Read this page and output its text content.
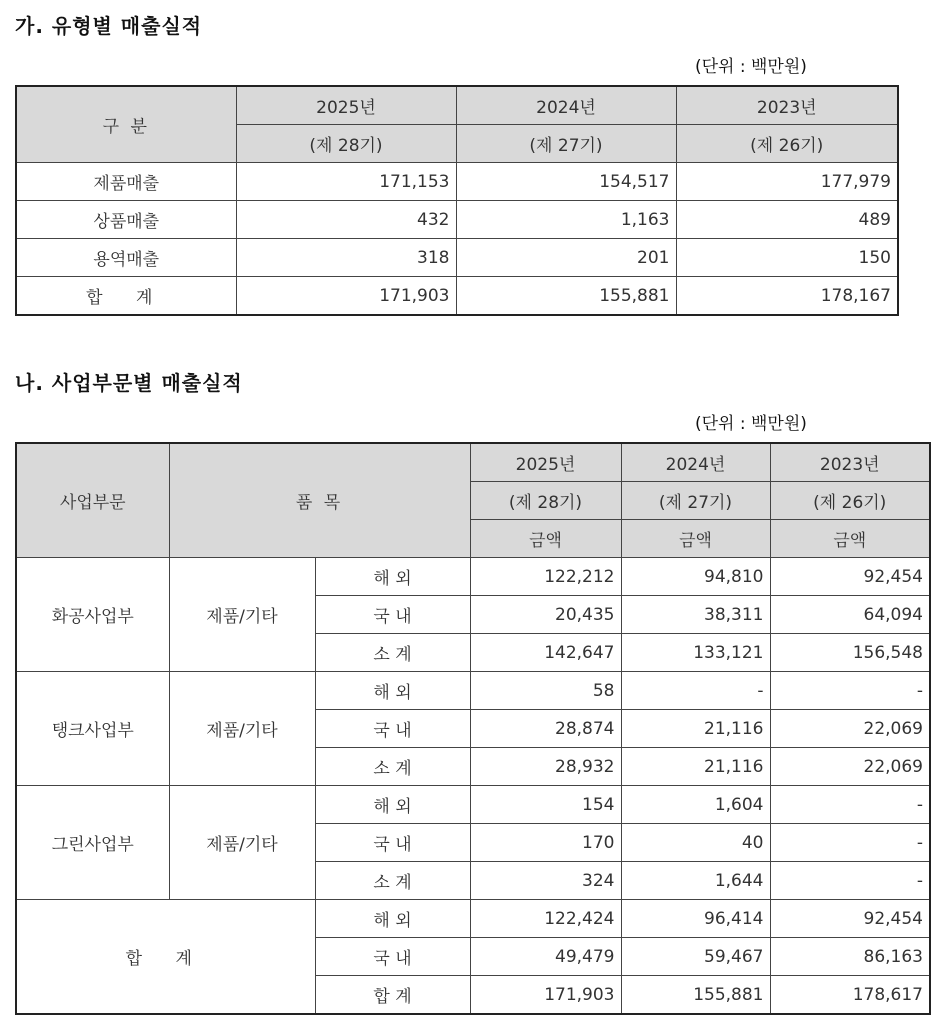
가. 유형별 매출실적
(단위 : 백만원)
구 분	2025년	2024년	2023년
	(제 28기)	(제 27기)	(제 26기)
제품매출	171,153	154,517	177,979
상품매출	432	1,163	489
용역매출	318	201	150
합 계	171,903	155,881	178,167
나. 사업부문별 매출실적
(단위 : 백만원)
사업부문	품 목		2025년	2024년	2023년
			(제 28기)	(제 27기)	(제 26기)
			금액	금액	금액
화공사업부	제품/기타	해 외	122,212	94,810	92,454
		국 내	20,435	38,311	64,094
		소 계	142,647	133,121	156,548
탱크사업부	제품/기타	해 외	58	-	-
		국 내	28,874	21,116	22,069
		소 계	28,932	21,116	22,069
그린사업부	제품/기타	해 외	154	1,604	-
		국 내	170	40	-
		소 계	324	1,644	-
합 계		해 외	122,424	96,414	92,454
		국 내	49,479	59,467	86,163
		합 계	171,903	155,881	178,617
